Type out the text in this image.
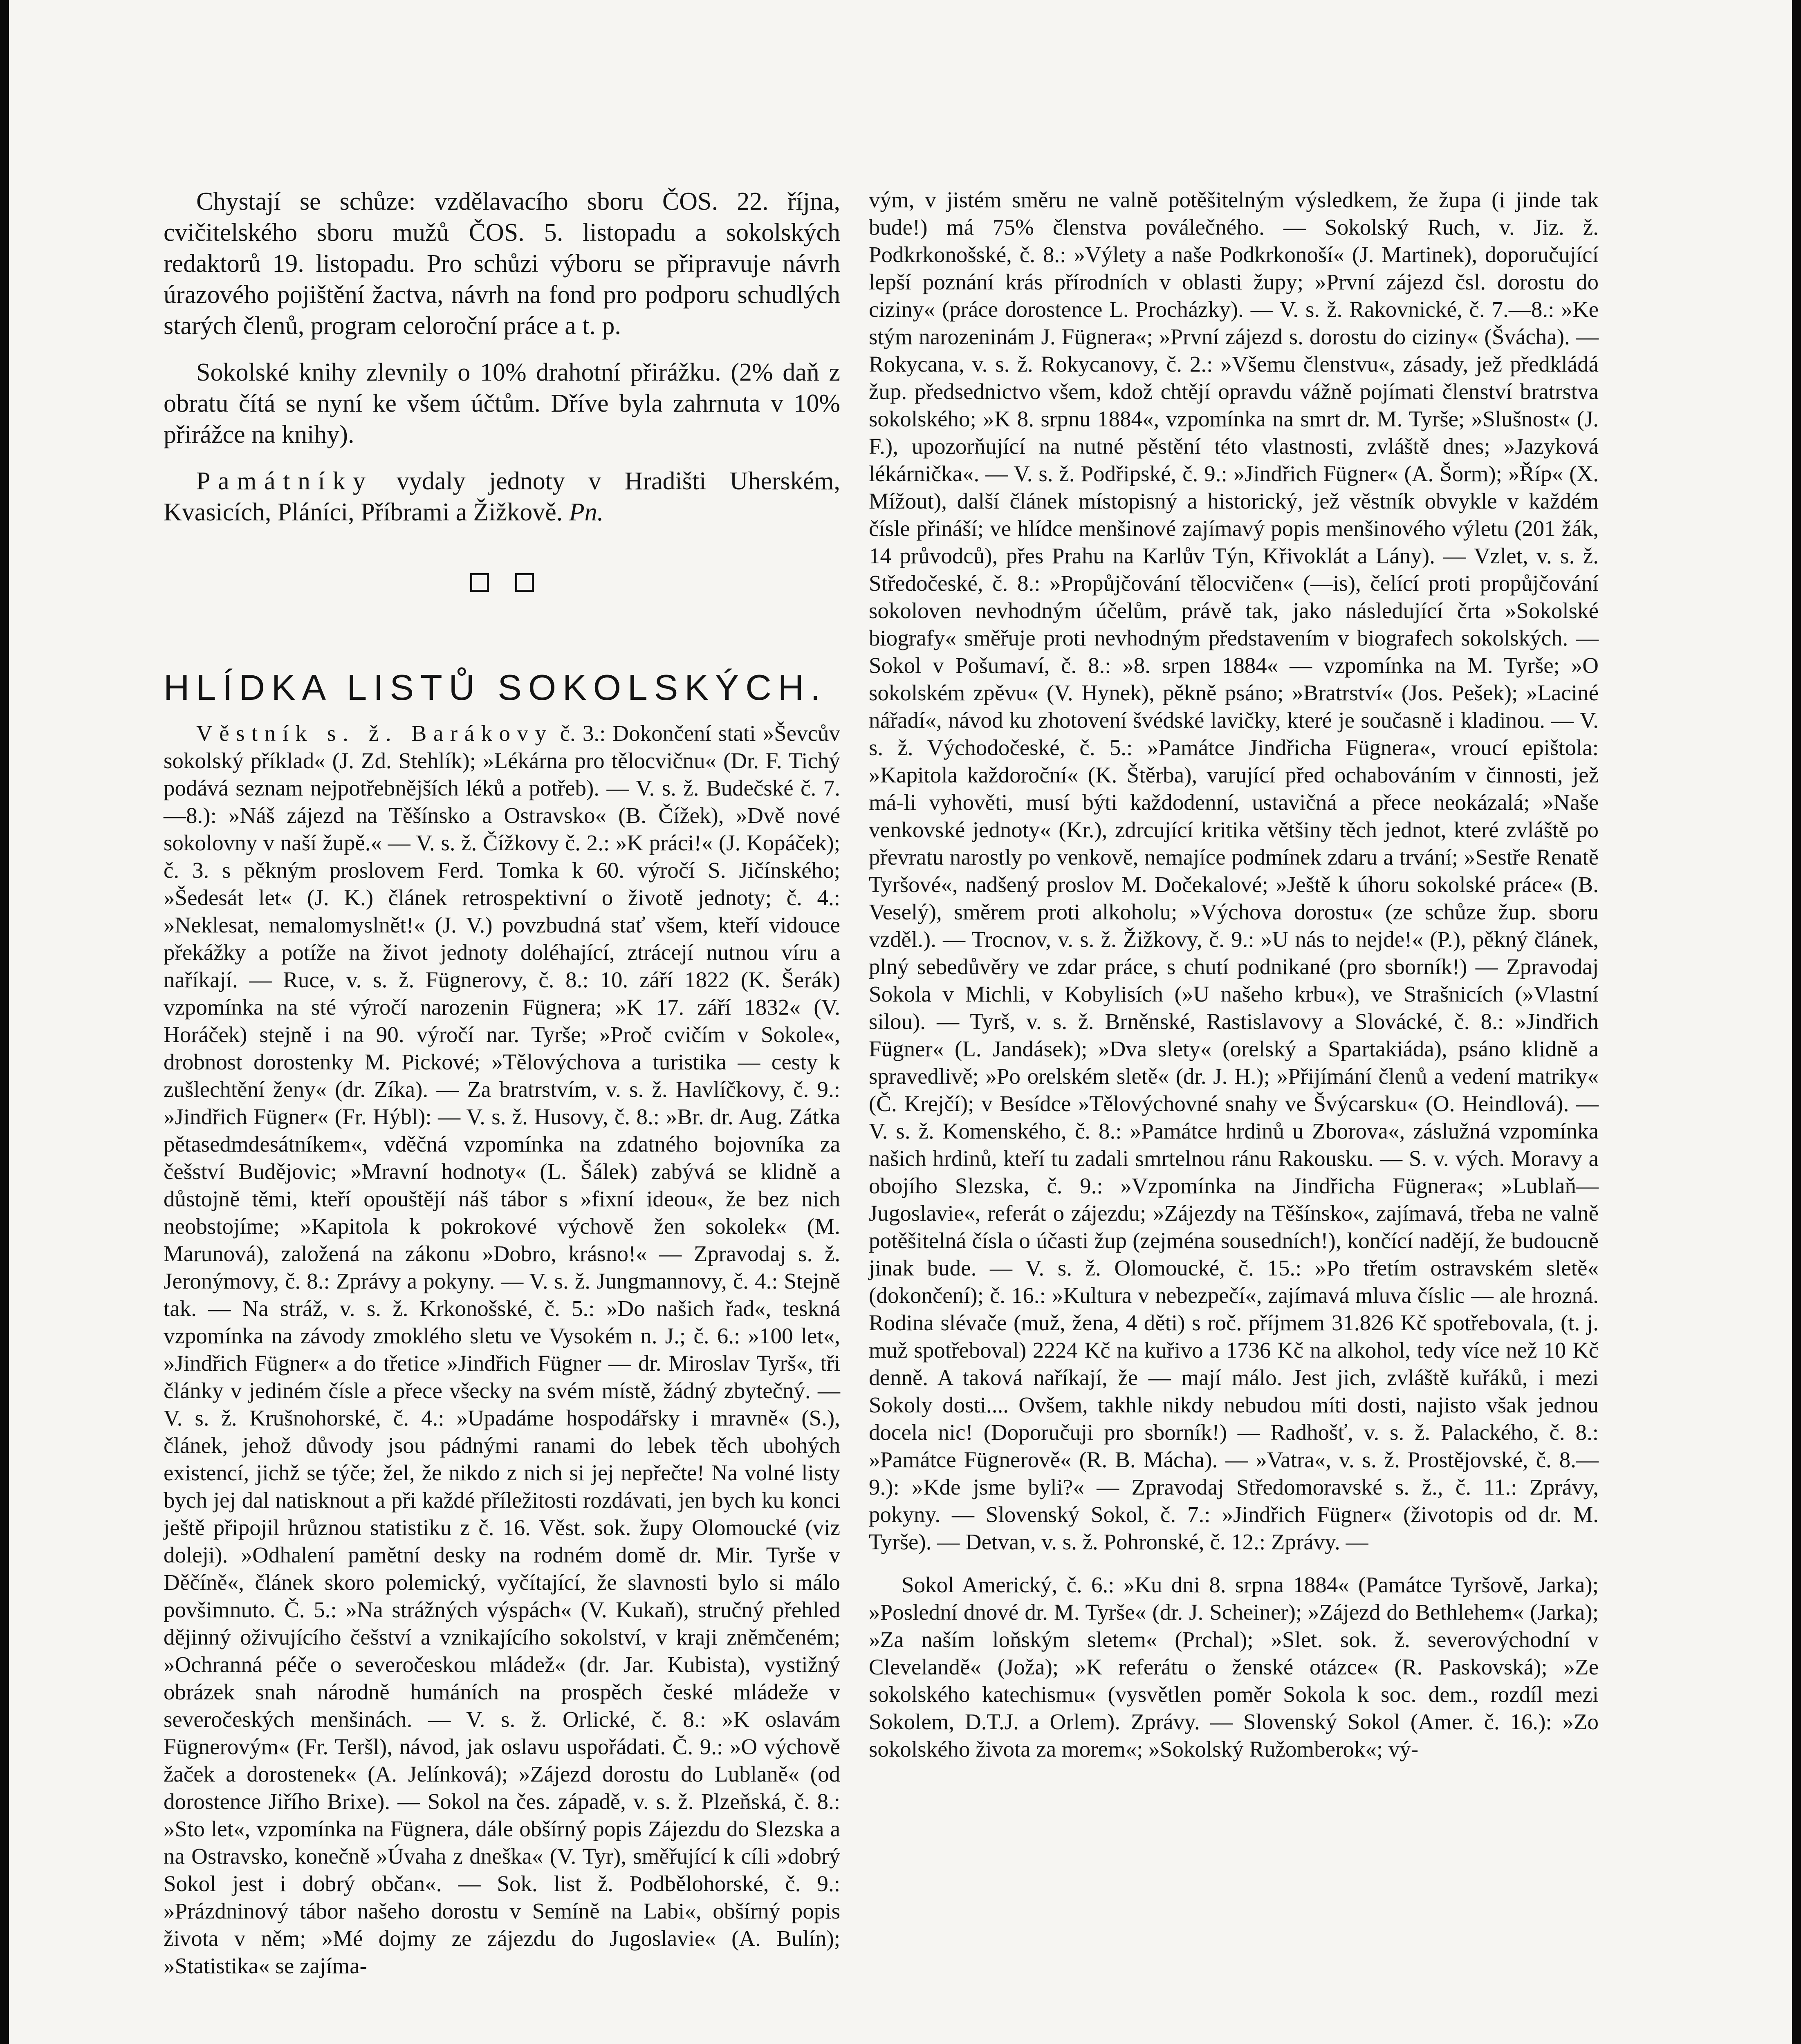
Chystají se schůze: vzdělavacího sboru ČOS. 22. října, cvičitelského sboru mužů ČOS. 5. listopadu a sokolských redaktorů 19. listopadu. Pro schůzi výboru se připravuje návrh úrazového pojištění žactva, návrh na fond pro podporu schudlých starých členů, program celoroční práce a t. p.

Sokolské knihy zlevnily o 10% drahotní přirážku. (2% daň z obratu čítá se nyní ke všem účtům. Dříve byla zahrnuta v 10% přirážce na knihy).

Památníky vydaly jednoty v Hradišti Uherském, Kvasicích, Pláníci, Příbrami a Žižkově. Pn.

HLÍDKA LISTŮ SOKOLSKÝCH.

Věstník s. ž. Barákovy č. 3.: Dokončení stati »Ševcův sokolský příklad« (J. Zd. Stehlík); »Lékárna pro tělocvičnu« (Dr. F. Tichý podává seznam nejpotřebnějších léků a potřeb). — V. s. ž. Budečské č. 7.—8.): »Náš zájezd na Těšínsko a Ostravsko« (B. Čížek), »Dvě nové sokolovny v naší župě.« — V. s. ž. Čížkovy č. 2.: »K práci!« (J. Kopáček); č. 3. s pěkným proslovem Ferd. Tomka k 60. výročí S. Jičínského; »Šedesát let« (J. K.) článek retrospektivní o životě jednoty; č. 4.: »Neklesat, nemalomyslnět!« (J. V.) povzbudná stať všem, kteří vidouce překážky a potíže na život jednoty doléhající, ztrácejí nutnou víru a naříkají. — Ruce, v. s. ž. Fügnerovy, č. 8.: 10. září 1822 (K. Šerák) vzpomínka na sté výročí narozenin Fügnera; »K 17. září 1832« (V. Horáček) stejně i na 90. výročí nar. Tyrše; »Proč cvičím v Sokole«, drobnost dorostenky M. Pickové; »Tělovýchova a turistika — cesty k zušlechtění ženy« (dr. Zíka). — Za bratrstvím, v. s. ž. Havlíčkovy, č. 9.: »Jindřich Fügner« (Fr. Hýbl): — V. s. ž. Husovy, č. 8.: »Br. dr. Aug. Zátka pětasedmdesátníkem«, vděčná vzpomínka na zdatného bojovníka za češství Budějovic; »Mravní hodnoty« (L. Šálek) zabývá se klidně a důstojně těmi, kteří opouštějí náš tábor s »fixní ideou«, že bez nich neobstojíme; »Kapitola k pokrokové výchově žen sokolek« (M. Marunová), založená na zákonu »Dobro, krásno!« — Zpravodaj s. ž. Jeronýmovy, č. 8.: Zprávy a pokyny. — V. s. ž. Jungmannovy, č. 4.: Stejně tak. — Na stráž, v. s. ž. Krkonošské, č. 5.: »Do našich řad«, teskná vzpomínka na závody zmoklého sletu ve Vysokém n. J.; č. 6.: »100 let«, »Jindřich Fügner« a do třetice »Jindřich Fügner — dr. Miroslav Tyrš«, tři články v jediném čísle a přece všecky na svém místě, žádný zbytečný. — V. s. ž. Krušnohorské, č. 4.: »Upadáme hospodářsky i mravně« (S.), článek, jehož důvody jsou pádnými ranami do lebek těch ubohých existencí, jichž se týče; žel, že nikdo z nich si jej nepřečte! Na volné listy bych jej dal natisknout a při každé příležitosti rozdávati, jen bych ku konci ještě připojil hrůznou statistiku z č. 16. Věst. sok. župy Olomoucké (viz doleji). »Odhalení pamětní desky na rodném domě dr. Mir. Tyrše v Děčíně«, článek skoro polemický, vyčítající, že slavnosti bylo si málo povšimnuto. Č. 5.: »Na strážných výspách« (V. Kukaň), stručný přehled dějinný oživujícího češství a vznikajícího sokolství, v kraji zněmčeném; »Ochranná péče o severočeskou mládež« (dr. Jar. Kubista), vystižný obrázek snah národně humáních na prospěch české mládeže v severočeských menšinách. — V. s. ž. Orlické, č. 8.: »K oslavám Fügnerovým« (Fr. Teršl), návod, jak oslavu uspořádati. Č. 9.: »O výchově žaček a dorostenek« (A. Jelínková); »Zájezd dorostu do Lublaně« (od dorostence Jiřího Brixe). — Sokol na čes. západě, v. s. ž. Plzeňská, č. 8.: »Sto let«, vzpomínka na Fügnera, dále obšírný popis Zájezdu do Slezska a na Ostravsko, konečně »Úvaha z dneška« (V. Tyr), směřující k cíli »dobrý Sokol jest i dobrý občan«. — Sok. list ž. Podbělohorské, č. 9.: »Prázdninový tábor našeho dorostu v Semíně na Labi«, obšírný popis života v něm; »Mé dojmy ze zájezdu do Jugoslavie« (A. Bulín); »Statistika« se zajíma-

vým, v jistém směru ne valně potěšitelným výsledkem, že župa (i jinde tak bude!) má 75% členstva poválečného. — Sokolský Ruch, v. Jiz. ž. Podkrkonošské, č. 8.: »Výlety a naše Podkrkonoší« (J. Martinek), doporučující lepší poznání krás přírodních v oblasti župy; »První zájezd čsl. dorostu do ciziny« (práce dorostence L. Procházky). — V. s. ž. Rakovnické, č. 7.—8.: »Ke stým narozeninám J. Fügnera«; »První zájezd s. dorostu do ciziny« (Švácha). — Rokycana, v. s. ž. Rokycanovy, č. 2.: »Všemu členstvu«, zásady, jež předkládá žup. předsednictvo všem, kdož chtějí opravdu vážně pojímati členství bratrstva sokolského; »K 8. srpnu 1884«, vzpomínka na smrt dr. M. Tyrše; »Slušnost« (J. F.), upozorňující na nutné pěstění této vlastnosti, zvláště dnes; »Jazyková lékárnička«. — V. s. ž. Podřipské, č. 9.: »Jindřich Fügner« (A. Šorm); »Říp« (X. Mížout), další článek místopisný a historický, jež věstník obvykle v každém čísle přináší; ve hlídce menšinové zajímavý popis menšinového výletu (201 žák, 14 průvodců), přes Prahu na Karlův Týn, Křivoklát a Lány). — Vzlet, v. s. ž. Středočeské, č. 8.: »Propůjčování tělocvičen« (—is), čelící proti propůjčování sokoloven nevhodným účelům, právě tak, jako následující črta »Sokolské biografy« směřuje proti nevhodným představením v biografech sokolských. — Sokol v Pošumaví, č. 8.: »8. srpen 1884« — vzpomínka na M. Tyrše; »O sokolském zpěvu« (V. Hynek), pěkně psáno; »Bratrství« (Jos. Pešek); »Laciné nářadí«, návod ku zhotovení švédské lavičky, které je současně i kladinou. — V. s. ž. Východočeské, č. 5.: »Památce Jindřicha Fügnera«, vroucí epištola: »Kapitola každoroční« (K. Štěrba), varující před ochabováním v činnosti, jež má-li vyhověti, musí býti každodenní, ustavičná a přece neokázalá; »Naše venkovské jednoty« (Kr.), zdrcující kritika většiny těch jednot, které zvláště po převratu narostly po venkově, nemajíce podmínek zdaru a trvání; »Sestře Renatě Tyršové«, nadšený proslov M. Dočekalové; »Ještě k úhoru sokolské práce« (B. Veselý), směrem proti alkoholu; »Výchova dorostu« (ze schůze žup. sboru vzděl.). — Trocnov, v. s. ž. Žižkovy, č. 9.: »U nás to nejde!« (P.), pěkný článek, plný sebedůvěry ve zdar práce, s chutí podnikané (pro sborník!) — Zpravodaj Sokola v Michli, v Kobylisích (»U našeho krbu«), ve Strašnicích (»Vlastní silou). — Tyrš, v. s. ž. Brněnské, Rastislavovy a Slovácké, č. 8.: »Jindřich Fügner« (L. Jandásek); »Dva slety« (orelský a Spartakiáda), psáno klidně a spravedlivě; »Po orelském sletě« (dr. J. H.); »Přijímání členů a vedení matriky« (Č. Krejčí); v Besídce »Tělovýchovné snahy ve Švýcarsku« (O. Heindlová). — V. s. ž. Komenského, č. 8.: »Památce hrdinů u Zborova«, záslužná vzpomínka našich hrdinů, kteří tu zadali smrtelnou ránu Rakousku. — S. v. vých. Moravy a obojího Slezska, č. 9.: »Vzpomínka na Jindřicha Fügnera«; »Lublaň—Jugoslavie«, referát o zájezdu; »Zájezdy na Těšínsko«, zajímavá, třeba ne valně potěšitelná čísla o účasti žup (zejména sousedních!), končící nadějí, že budoucně jinak bude. — V. s. ž. Olomoucké, č. 15.: »Po třetím ostravském sletě« (dokončení); č. 16.: »Kultura v nebezpečí«, zajímavá mluva číslic — ale hrozná. Rodina slévače (muž, žena, 4 děti) s roč. příjmem 31.826 Kč spotřebovala, (t. j. muž spotřeboval) 2224 Kč na kuřivo a 1736 Kč na alkohol, tedy více než 10 Kč denně. A taková naříkají, že — mají málo. Jest jich, zvláště kuřáků, i mezi Sokoly dosti.... Ovšem, takhle nikdy nebudou míti dosti, najisto však jednou docela nic! (Doporučuji pro sborník!) — Radhošť, v. s. ž. Palackého, č. 8.: »Památce Fügnerově« (R. B. Mácha). — »Vatra«, v. s. ž. Prostějovské, č. 8.—9.): »Kde jsme byli?« — Zpravodaj Středomoravské s. ž., č. 11.: Zprávy, pokyny. — Slovenský Sokol, č. 7.: »Jindřich Fügner« (životopis od dr. M. Tyrše). — Detvan, v. s. ž. Pohronské, č. 12.: Zprávy. —

Sokol Americký, č. 6.: »Ku dni 8. srpna 1884« (Památce Tyršově, Jarka); »Poslední dnové dr. M. Tyrše« (dr. J. Scheiner); »Zájezd do Bethlehem« (Jarka); »Za naším loňským sletem« (Prchal); »Slet. sok. ž. severovýchodní v Clevelandě« (Joža); »K referátu o ženské otázce« (R. Paskovská); »Ze sokolského katechismu« (vysvětlen poměr Sokola k soc. dem., rozdíl mezi Sokolem, D.T.J. a Orlem). Zprávy. — Slovenský Sokol (Amer. č. 16.): »Zo sokolského života za morem«; »Sokolský Ružomberok«; vý-
